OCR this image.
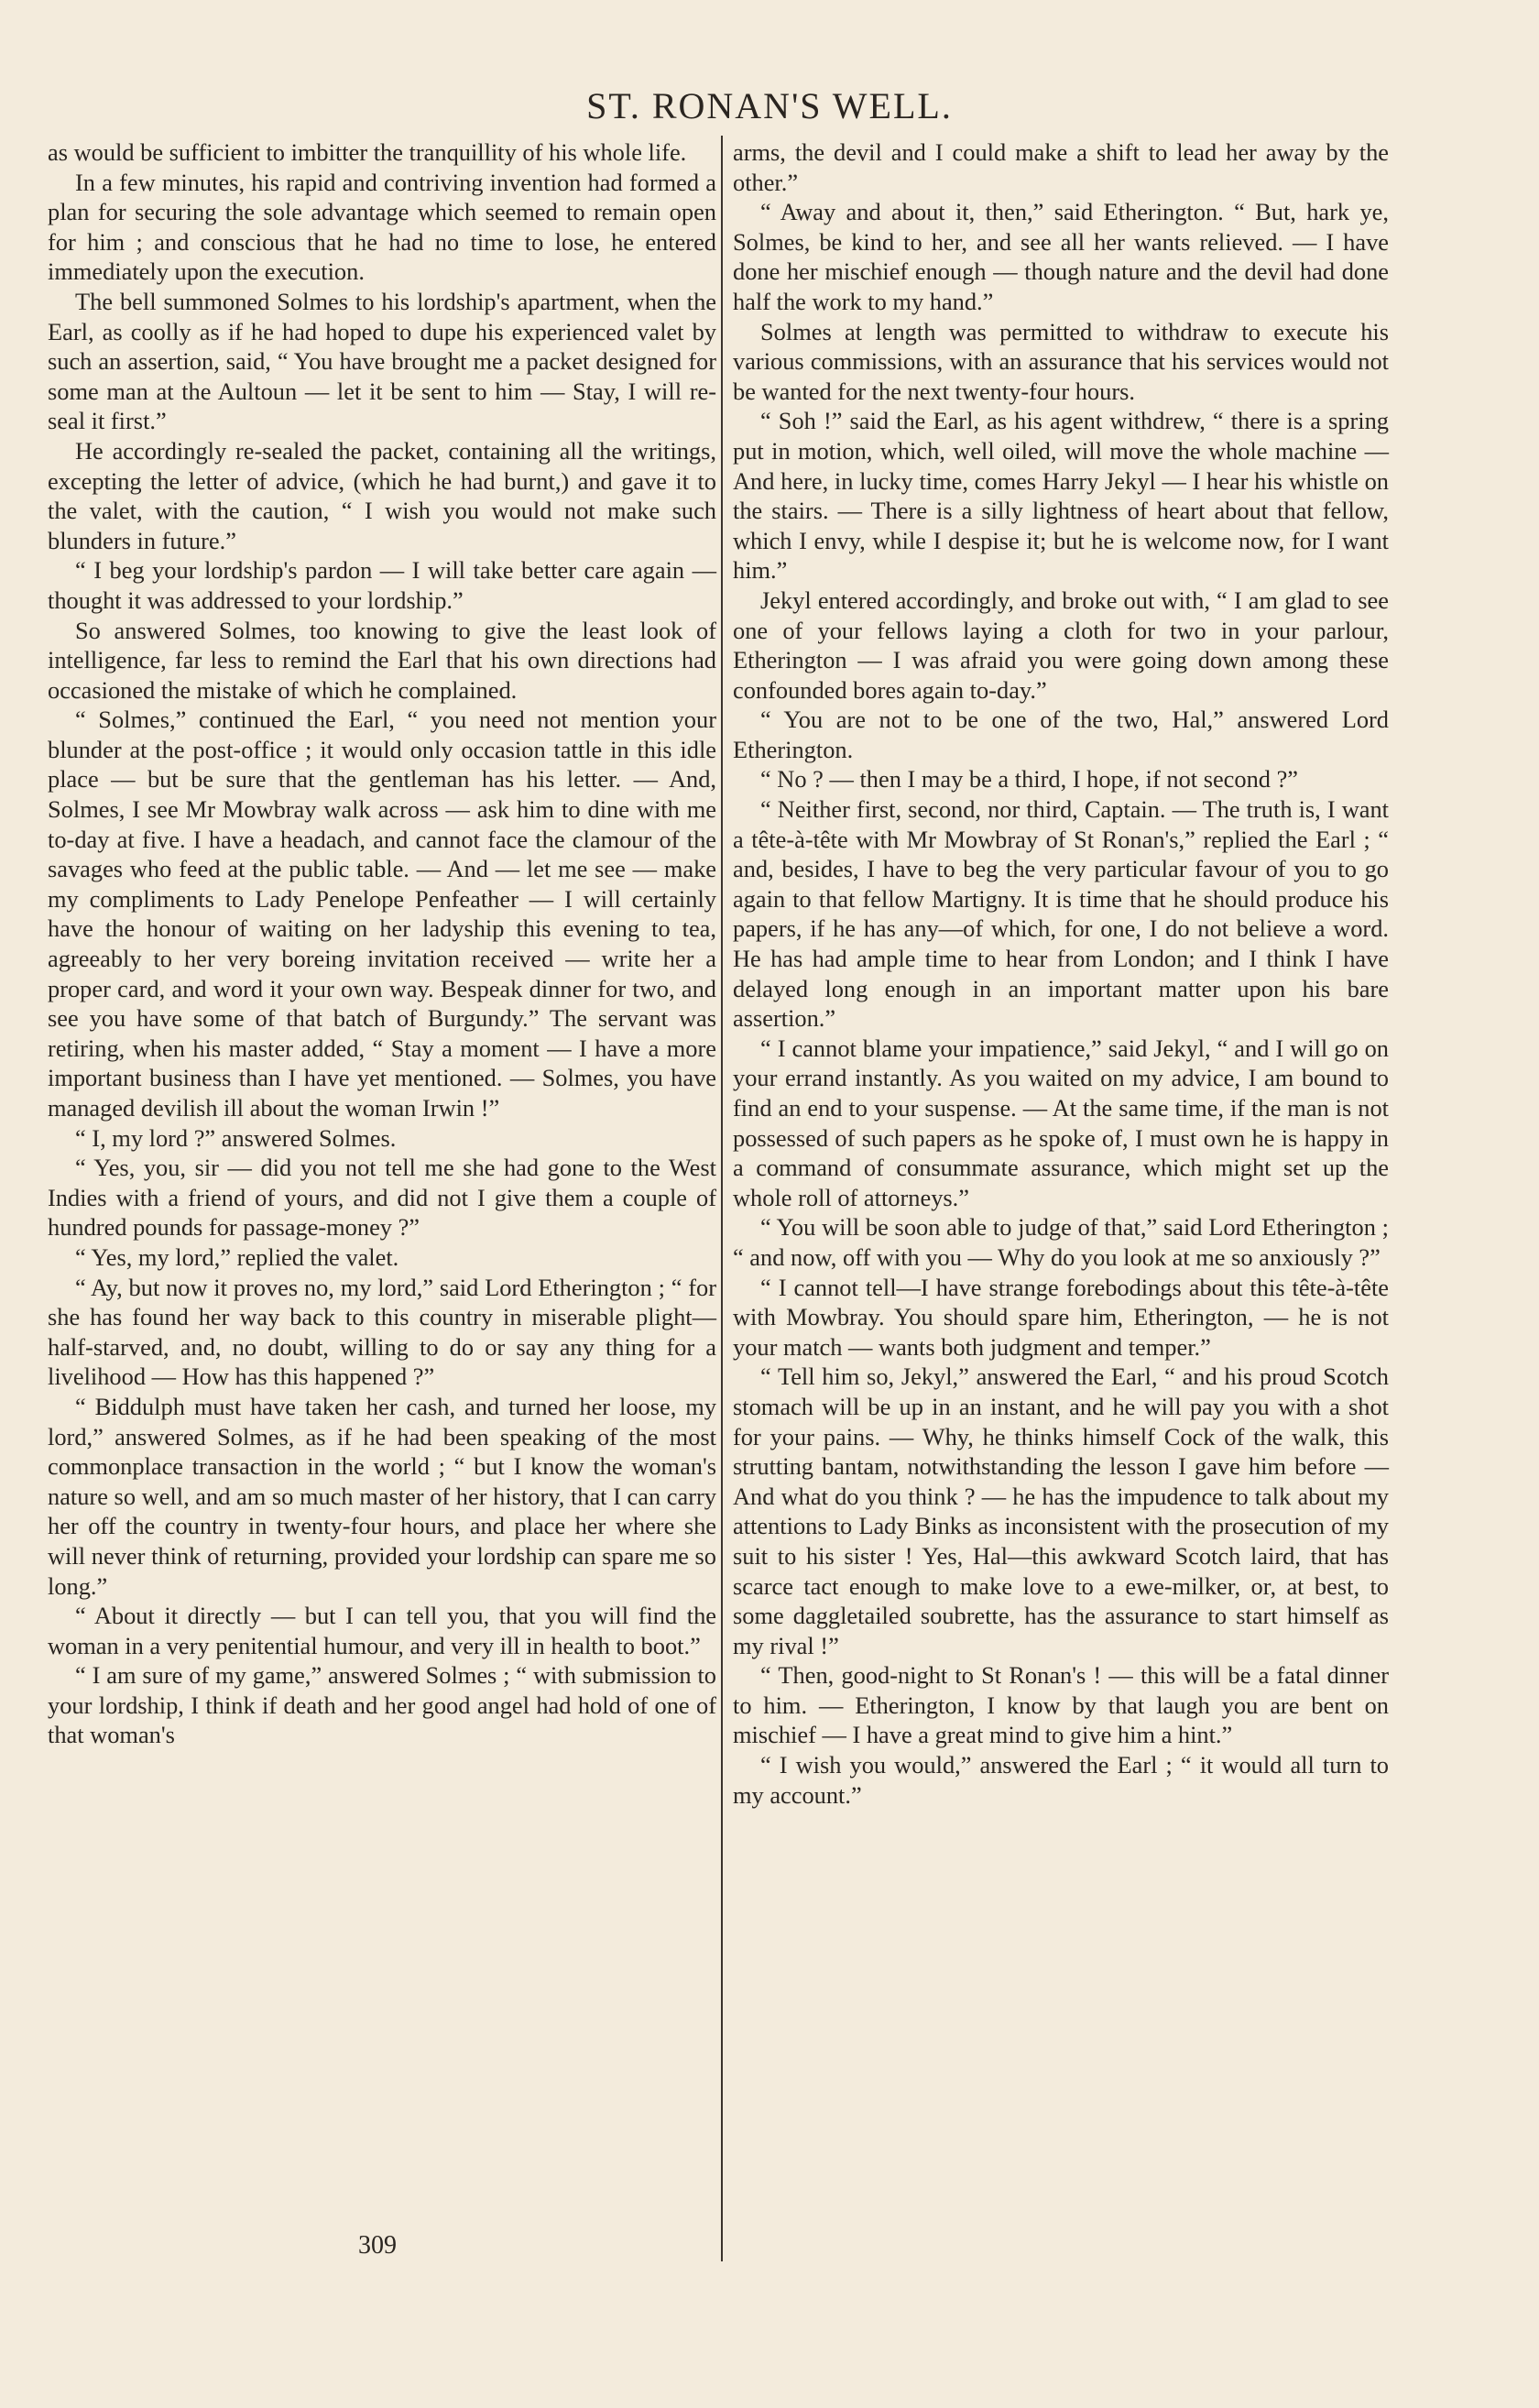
ST. RONAN'S WELL.

as would be sufficient to imbitter the tranquillity of his whole life.

In a few minutes, his rapid and contriving invention had formed a plan for securing the sole advantage which seemed to remain open for him ; and conscious that he had no time to lose, he entered immediately upon the execution.

The bell summoned Solmes to his lordship's apartment, when the Earl, as coolly as if he had hoped to dupe his experienced valet by such an assertion, said, “ You have brought me a packet designed for some man at the Aultoun — let it be sent to him — Stay, I will re-seal it first.”

He accordingly re-sealed the packet, containing all the writings, excepting the letter of advice, (which he had burnt,) and gave it to the valet, with the caution, “ I wish you would not make such blunders in future.”

“ I beg your lordship's pardon — I will take better care again — thought it was addressed to your lordship.”

So answered Solmes, too knowing to give the least look of intelligence, far less to remind the Earl that his own directions had occasioned the mistake of which he complained.

“ Solmes,” continued the Earl, “ you need not mention your blunder at the post-office ; it would only occasion tattle in this idle place — but be sure that the gentleman has his letter. — And, Solmes, I see Mr Mowbray walk across — ask him to dine with me to-day at five. I have a headach, and cannot face the clamour of the savages who feed at the public table. — And — let me see — make my compliments to Lady Penelope Penfeather — I will certainly have the honour of waiting on her ladyship this evening to tea, agreeably to her very boreing invitation received — write her a proper card, and word it your own way. Bespeak dinner for two, and see you have some of that batch of Burgundy.” The servant was retiring, when his master added, “ Stay a moment — I have a more important business than I have yet mentioned. — Solmes, you have managed devilish ill about the woman Irwin !”

“ I, my lord ?” answered Solmes.

“ Yes, you, sir — did you not tell me she had gone to the West Indies with a friend of yours, and did not I give them a couple of hundred pounds for passage-money ?”

“ Yes, my lord,” replied the valet.

“ Ay, but now it proves no, my lord,” said Lord Etherington ; “ for she has found her way back to this country in miserable plight—half-starved, and, no doubt, willing to do or say any thing for a livelihood — How has this happened ?”

“ Biddulph must have taken her cash, and turned her loose, my lord,” answered Solmes, as if he had been speaking of the most commonplace transaction in the world ; “ but I know the woman's nature so well, and am so much master of her history, that I can carry her off the country in twenty-four hours, and place her where she will never think of returning, provided your lordship can spare me so long.”

“ About it directly — but I can tell you, that you will find the woman in a very penitential humour, and very ill in health to boot.”

“ I am sure of my game,” answered Solmes ; “ with submission to your lordship, I think if death and her good angel had hold of one of that woman's

arms, the devil and I could make a shift to lead her away by the other.”

“ Away and about it, then,” said Etherington. “ But, hark ye, Solmes, be kind to her, and see all her wants relieved. — I have done her mischief enough — though nature and the devil had done half the work to my hand.”

Solmes at length was permitted to withdraw to execute his various commissions, with an assurance that his services would not be wanted for the next twenty-four hours.

“ Soh !” said the Earl, as his agent withdrew, “ there is a spring put in motion, which, well oiled, will move the whole machine — And here, in lucky time, comes Harry Jekyl — I hear his whistle on the stairs. — There is a silly lightness of heart about that fellow, which I envy, while I despise it; but he is welcome now, for I want him.”

Jekyl entered accordingly, and broke out with, “ I am glad to see one of your fellows laying a cloth for two in your parlour, Etherington — I was afraid you were going down among these confounded bores again to-day.”

“ You are not to be one of the two, Hal,” answered Lord Etherington.

“ No ? — then I may be a third, I hope, if not second ?”

“ Neither first, second, nor third, Captain. — The truth is, I want a tête-à-tête with Mr Mowbray of St Ronan's,” replied the Earl ; “ and, besides, I have to beg the very particular favour of you to go again to that fellow Martigny. It is time that he should produce his papers, if he has any—of which, for one, I do not believe a word. He has had ample time to hear from London; and I think I have delayed long enough in an important matter upon his bare assertion.”

“ I cannot blame your impatience,” said Jekyl, “ and I will go on your errand instantly. As you waited on my advice, I am bound to find an end to your suspense. — At the same time, if the man is not possessed of such papers as he spoke of, I must own he is happy in a command of consummate assurance, which might set up the whole roll of attorneys.”

“ You will be soon able to judge of that,” said Lord Etherington ; “ and now, off with you — Why do you look at me so anxiously ?”

“ I cannot tell—I have strange forebodings about this tête-à-tête with Mowbray. You should spare him, Etherington, — he is not your match — wants both judgment and temper.”

“ Tell him so, Jekyl,” answered the Earl, “ and his proud Scotch stomach will be up in an instant, and he will pay you with a shot for your pains. — Why, he thinks himself Cock of the walk, this strutting bantam, notwithstanding the lesson I gave him before — And what do you think ? — he has the impudence to talk about my attentions to Lady Binks as inconsistent with the prosecution of my suit to his sister ! Yes, Hal—this awkward Scotch laird, that has scarce tact enough to make love to a ewe-milker, or, at best, to some daggletailed soubrette, has the assurance to start himself as my rival !”

“ Then, good-night to St Ronan's ! — this will be a fatal dinner to him. — Etherington, I know by that laugh you are bent on mischief — I have a great mind to give him a hint.”

“ I wish you would,” answered the Earl ; “ it would all turn to my account.”

309
